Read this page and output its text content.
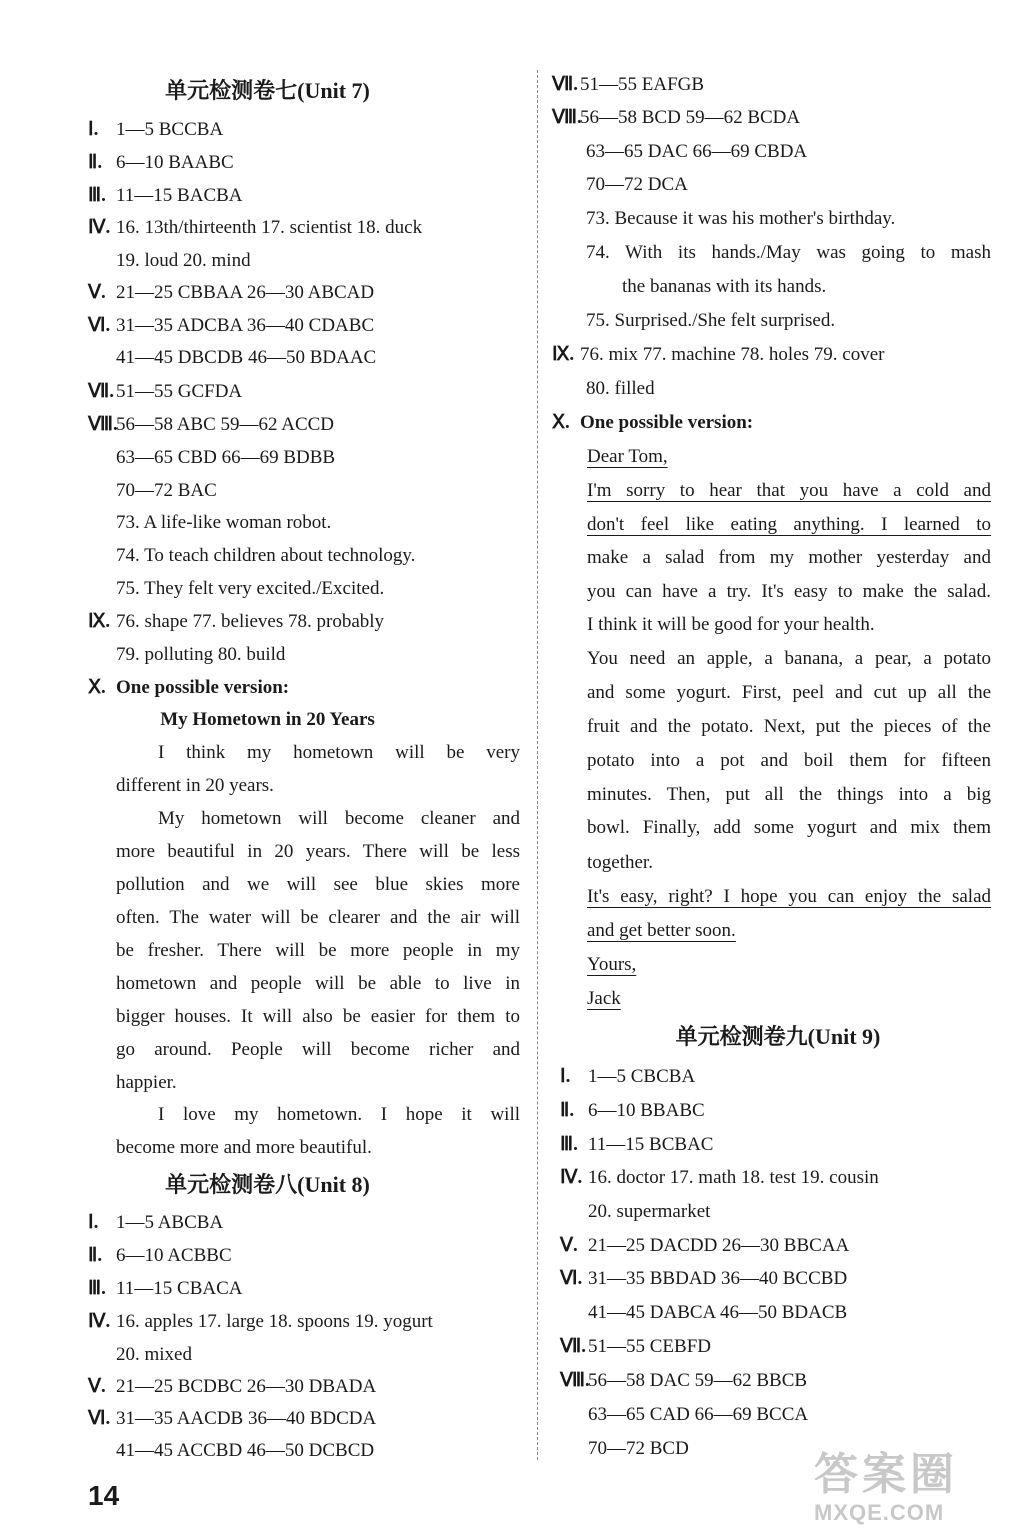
单元检测卷七(Unit 7)
Ⅰ. 1—5 BCCBA
Ⅱ. 6—10 BAABC
Ⅲ. 11—15 BACBA
Ⅳ. 16. 13th/thirteenth 17. scientist 18. duck
19. loud 20. mind
Ⅴ. 21—25 CBBAA 26—30 ABCAD
Ⅵ. 31—35 ADCBA 36—40 CDABC
41—45 DBCDB 46—50 BDAAC
Ⅶ. 51—55 GCFDA
Ⅷ.56—58 ABC 59—62 ACCD
63—65 CBD 66—69 BDBB
70—72 BAC
73. A life-like woman robot.
74. To teach children about technology.
75. They felt very excited./Excited.
Ⅸ. 76. shape 77. believes 78. probably
79. polluting 80. build
Ⅹ. One possible version:
My Hometown in 20 Years
I think my hometown will be very
different in 20 years.
My hometown will become cleaner and
more beautiful in 20 years. There will be less
pollution and we will see blue skies more
often. The water will be clearer and the air will
be fresher. There will be more people in my
hometown and people will be able to live in
bigger houses. It will also be easier for them to
go around. People will become richer and
happier.
I love my hometown. I hope it will
become more and more beautiful.
单元检测卷八(Unit 8)
Ⅰ. 1—5 ABCBA
Ⅱ. 6—10 ACBBC
Ⅲ. 11—15 CBACA
Ⅳ. 16. apples 17. large 18. spoons 19. yogurt
20. mixed
Ⅴ. 21—25 BCDBC 26—30 DBADA
Ⅵ. 31—35 AACDB 36—40 BDCDA
41—45 ACCBD 46—50 DCBCD
Ⅶ. 51—55 EAFGB
Ⅷ.56—58 BCD 59—62 BCDA
63—65 DAC 66—69 CBDA
70—72 DCA
73. Because it was his mother's birthday.
74. With its hands./May was going to mash
the bananas with its hands.
75. Surprised./She felt surprised.
Ⅸ. 76. mix 77. machine 78. holes 79. cover
80. filled
Ⅹ. One possible version:
Dear Tom,
I'm sorry to hear that you have a cold and
don't feel like eating anything. I learned to
make a salad from my mother yesterday and
you can have a try. It's easy to make the salad.
I think it will be good for your health.
You need an apple, a banana, a pear, a potato
and some yogurt. First, peel and cut up all the
fruit and the potato. Next, put the pieces of the
potato into a pot and boil them for fifteen
minutes. Then, put all the things into a big
bowl. Finally, add some yogurt and mix them
together.
It's easy, right? I hope you can enjoy the salad
and get better soon.
Yours,
Jack
单元检测卷九(Unit 9)
Ⅰ. 1—5 CBCBA
Ⅱ. 6—10 BBABC
Ⅲ. 11—15 BCBAC
Ⅳ. 16. doctor 17. math 18. test 19. cousin
20. supermarket
Ⅴ. 21—25 DACDD 26—30 BBCAA
Ⅵ. 31—35 BBDAD 36—40 BCCBD
41—45 DABCA 46—50 BDACB
Ⅶ. 51—55 CEBFD
Ⅷ.56—58 DAC 59—62 BBCB
63—65 CAD 66—69 BCCA
70—72 BCD
14	答案圈
MXQE.COM
